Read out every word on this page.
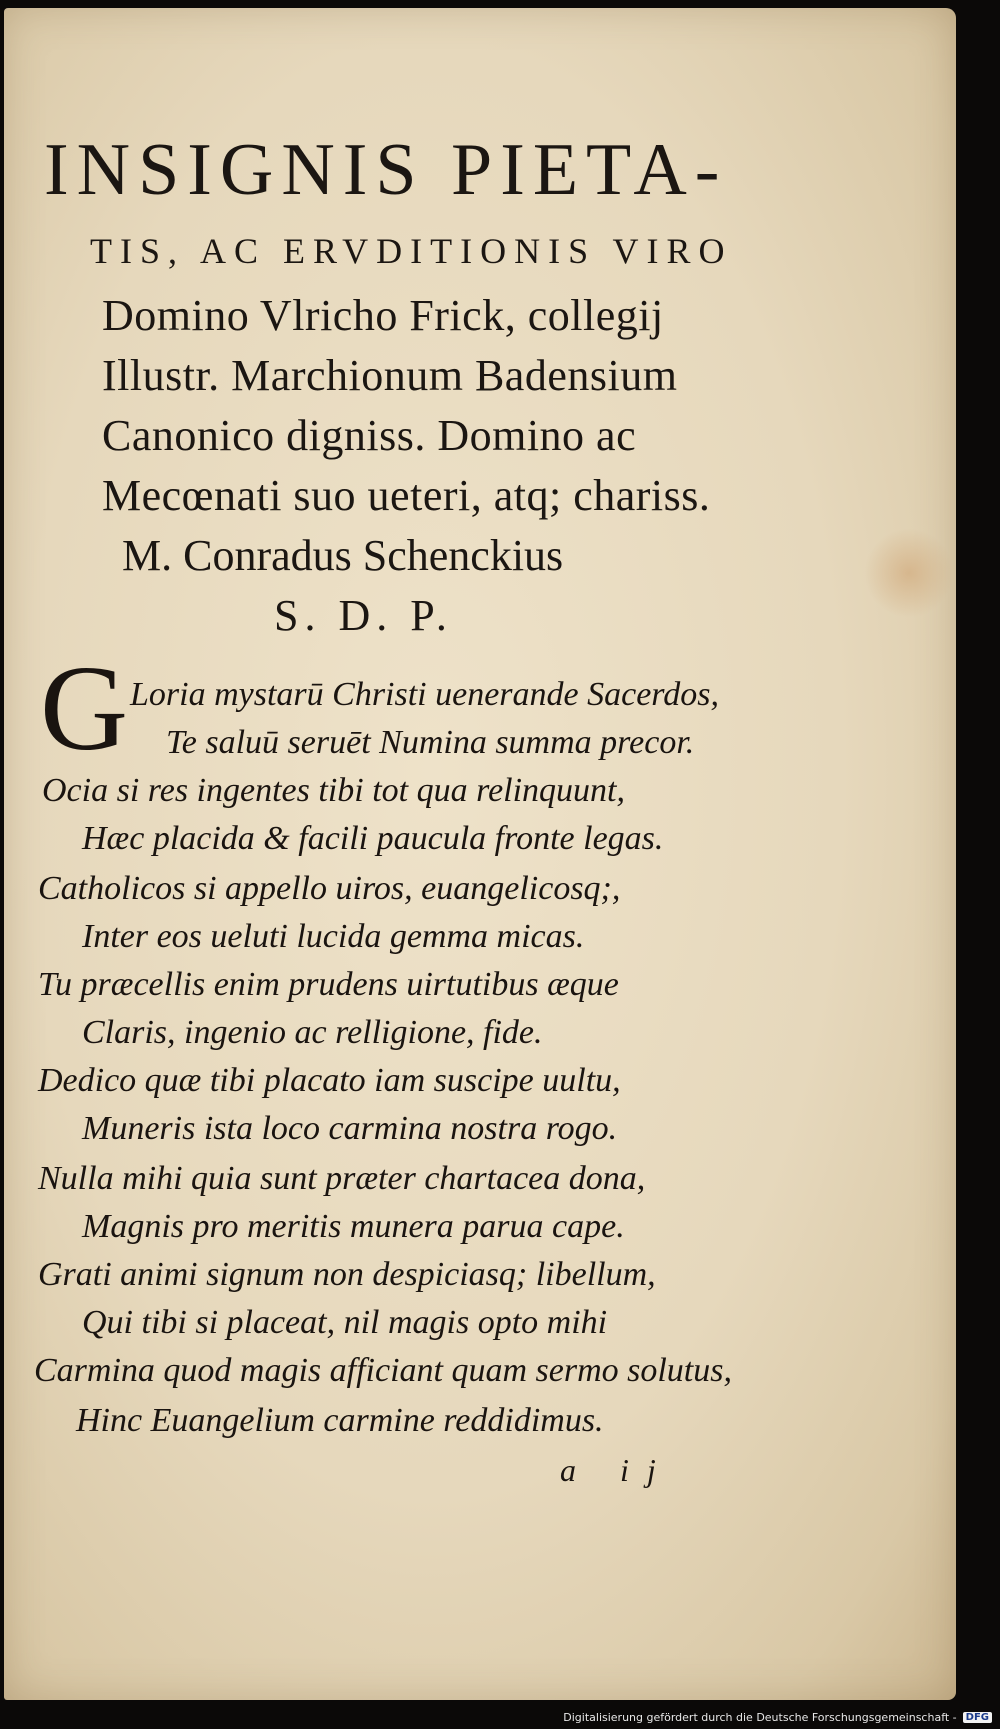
INSIGNIS PIETA-
TIS, AC ERVDITIONIS VIRO
Domino Vlricho Frick, collegij
Illustr. Marchionum Badensium
Canonico digniss. Domino ac
Mecœnati suo ueteri, atq; chariss.
M. Conradus Schenckius
S. D. P.
G Loria mystarū Christi uenerande Sacerdos,
Te saluū seruēt Numina summa precor.
Ocia si res ingentes tibi tot qua relinquunt,
Hæc placida & facili paucula fronte legas.
Catholicos si appello uiros, euangelicosq;,
Inter eos ueluti lucida gemma micas.
Tu præcellis enim prudens uirtutibus æque
Claris, ingenio ac relligione, fide.
Dedico quæ tibi placato iam suscipe uultu,
Muneris ista loco carmina nostra rogo.
Nulla mihi quia sunt præter chartacea dona,
Magnis pro meritis munera parua cape.
Grati animi signum non despiciasq; libellum,
Qui tibi si placeat, nil magis opto mihi
Carmina quod magis afficiant quam sermo solutus,
Hinc Euangelium carmine reddidimus.
a ij
Digitalisierung gefördert durch die Deutsche Forschungsgemeinschaft - DFG
